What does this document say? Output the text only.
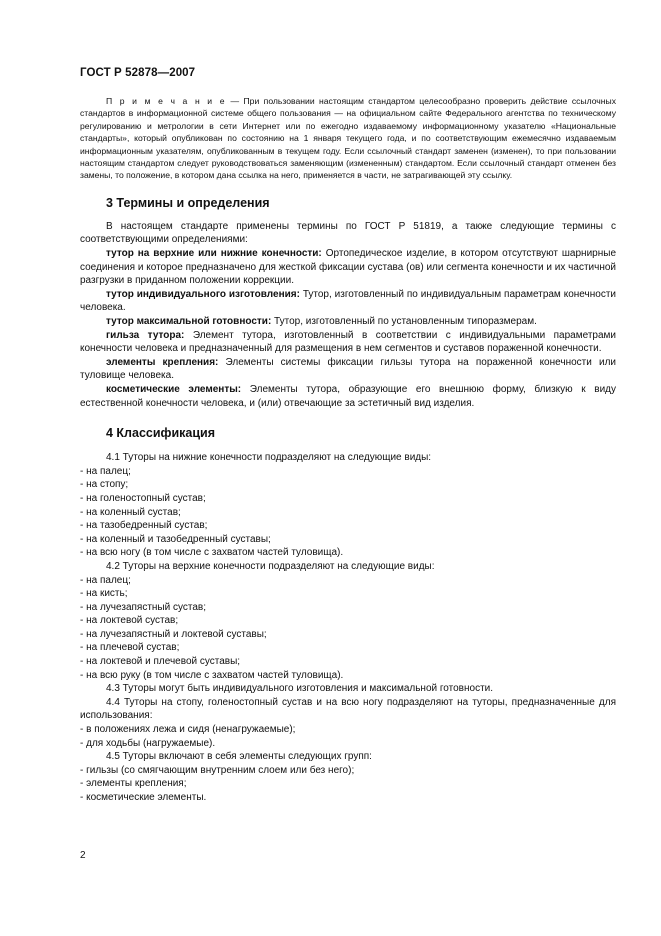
ГОСТ Р 52878—2007

П р и м е ч а н и е — При пользовании настоящим стандартом целесообразно проверить действие ссылочных стандартов в информационной системе общего пользования — на официальном сайте Федерального агентства по техническому регулированию и метрологии в сети Интернет или по ежегодно издаваемому информационному указателю «Национальные стандарты», который опубликован по состоянию на 1 января текущего года, и по соответствующим ежемесячно издаваемым информационным указателям, опубликованным в текущем году. Если ссылочный стандарт заменен (изменен), то при пользовании настоящим стандартом следует руководствоваться заменяющим (измененным) стандартом. Если ссылочный стандарт отменен без замены, то положение, в котором дана ссылка на него, применяется в части, не затрагивающей эту ссылку.

3 Термины и определения

В настоящем стандарте применены термины по ГОСТ Р 51819, а также следующие термины с соответствующими определениями:

тутор на верхние или нижние конечности: Ортопедическое изделие, в котором отсутствуют шарнирные соединения и которое предназначено для жесткой фиксации сустава (ов) или сегмента конечности и их частичной разгрузки в приданном положении коррекции.

тутор индивидуального изготовления: Тутор, изготовленный по индивидуальным параметрам конечности человека.

тутор максимальной готовности: Тутор, изготовленный по установленным типоразмерам.

гильза тутора: Элемент тутора, изготовленный в соответствии с индивидуальными параметрами конечности человека и предназначенный для размещения в нем сегментов и суставов пораженной конечности.

элементы крепления: Элементы системы фиксации гильзы тутора на пораженной конечности или туловище человека.

косметические элементы: Элементы тутора, образующие его внешнюю форму, близкую к виду естественной конечности человека, и (или) отвечающие за эстетичный вид изделия.

4 Классификация

4.1 Туторы на нижние конечности подразделяют на следующие виды:

- на палец;
- на стопу;
- на голеностопный сустав;
- на коленный сустав;
- на тазобедренный сустав;
- на коленный и тазобедренный суставы;
- на всю ногу (в том числе с захватом частей туловища).

4.2 Туторы на верхние конечности подразделяют на следующие виды:

- на палец;
- на кисть;
- на лучезапястный сустав;
- на локтевой сустав;
- на лучезапястный и локтевой суставы;
- на плечевой сустав;
- на локтевой и плечевой суставы;
- на всю руку (в том числе с захватом частей туловища).

4.3 Туторы могут быть индивидуального изготовления и максимальной готовности.

4.4 Туторы на стопу, голеностопный сустав и на всю ногу подразделяют на туторы, предназначенные для использования:

- в положениях лежа и сидя (ненагружаемые);
- для ходьбы (нагружаемые).

4.5 Туторы включают в себя элементы следующих групп:

- гильзы (со смягчающим внутренним слоем или без него);
- элементы крепления;
- косметические элементы.
2
